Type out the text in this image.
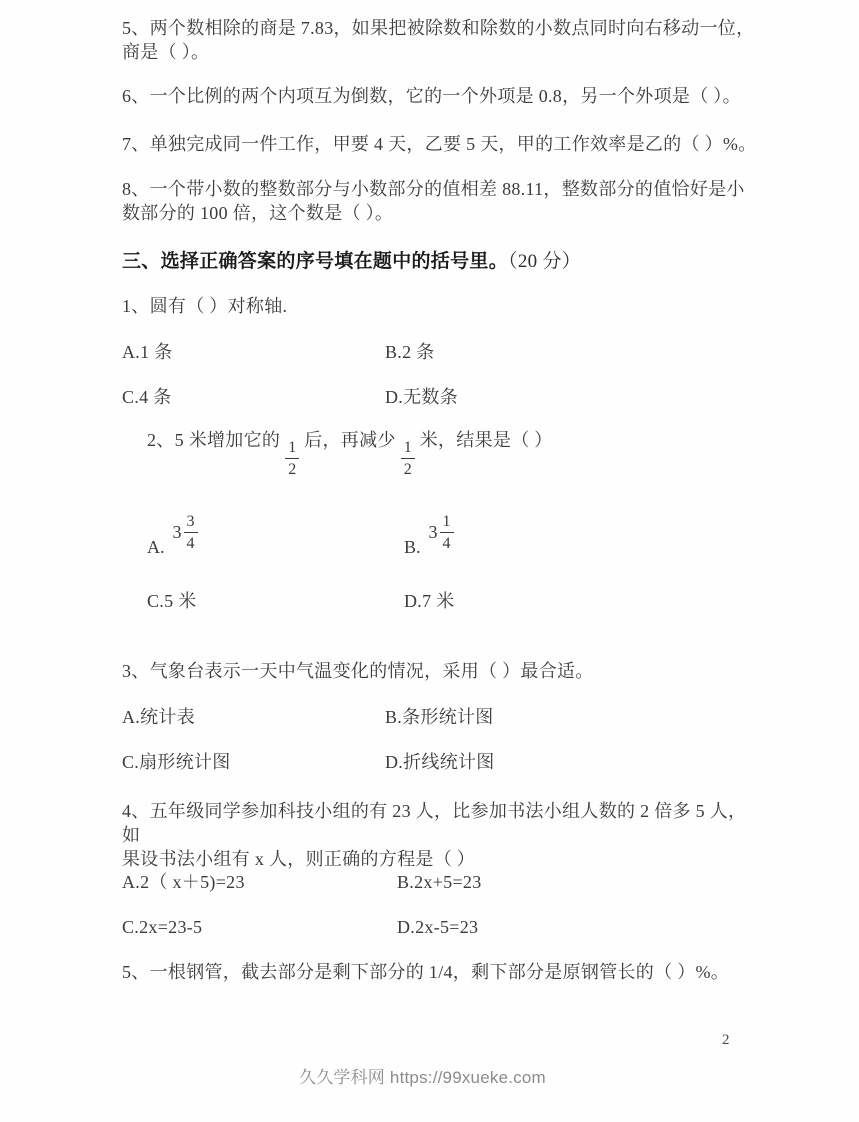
5、两个数相除的商是 7.83，如果把被除数和除数的小数点同时向右移动一位，
商是（ ）。
6、一个比例的两个内项互为倒数，它的一个外项是 0.8，另一个外项是（ ）。
7、单独完成同一件工作，甲要 4 天，乙要 5 天，甲的工作效率是乙的（ ）%。
8、一个带小数的整数部分与小数部分的值相差 88.11，整数部分的值恰好是小
数部分的 100 倍，这个数是（ ）。
三、选择正确答案的序号填在题中的括号里。（20 分）
1、圆有（ ）对称轴.
A.1 条	B.2 条
C.4 条	D.无数条
2、5 米增加它的 $\frac{1}{2}$ 后，再减少 $\frac{1}{2}$ 米，结果是（ ）
A.
$3 \frac{3}{4}$	B.
$3 \frac{1}{4}$
C.5 米	D.7 米
3、气象台表示一天中气温变化的情况，采用（ ）最合适。
A.统计表	B.条形统计图
C.扇形统计图	D.折线统计图
4、五年级同学参加科技小组的有 23 人，比参加书法小组人数的 2 倍多 5 人，如
果设书法小组有 x 人，则正确的方程是（ ）
A.2（ x＋5)=23	B.2x+5=23
C.2x=23-5	D.2x-5=23
5、一根钢管，截去部分是剩下部分的 1/4，剩下部分是原钢管长的（ ）%。
2
久久学科网 https://99xueke.com
